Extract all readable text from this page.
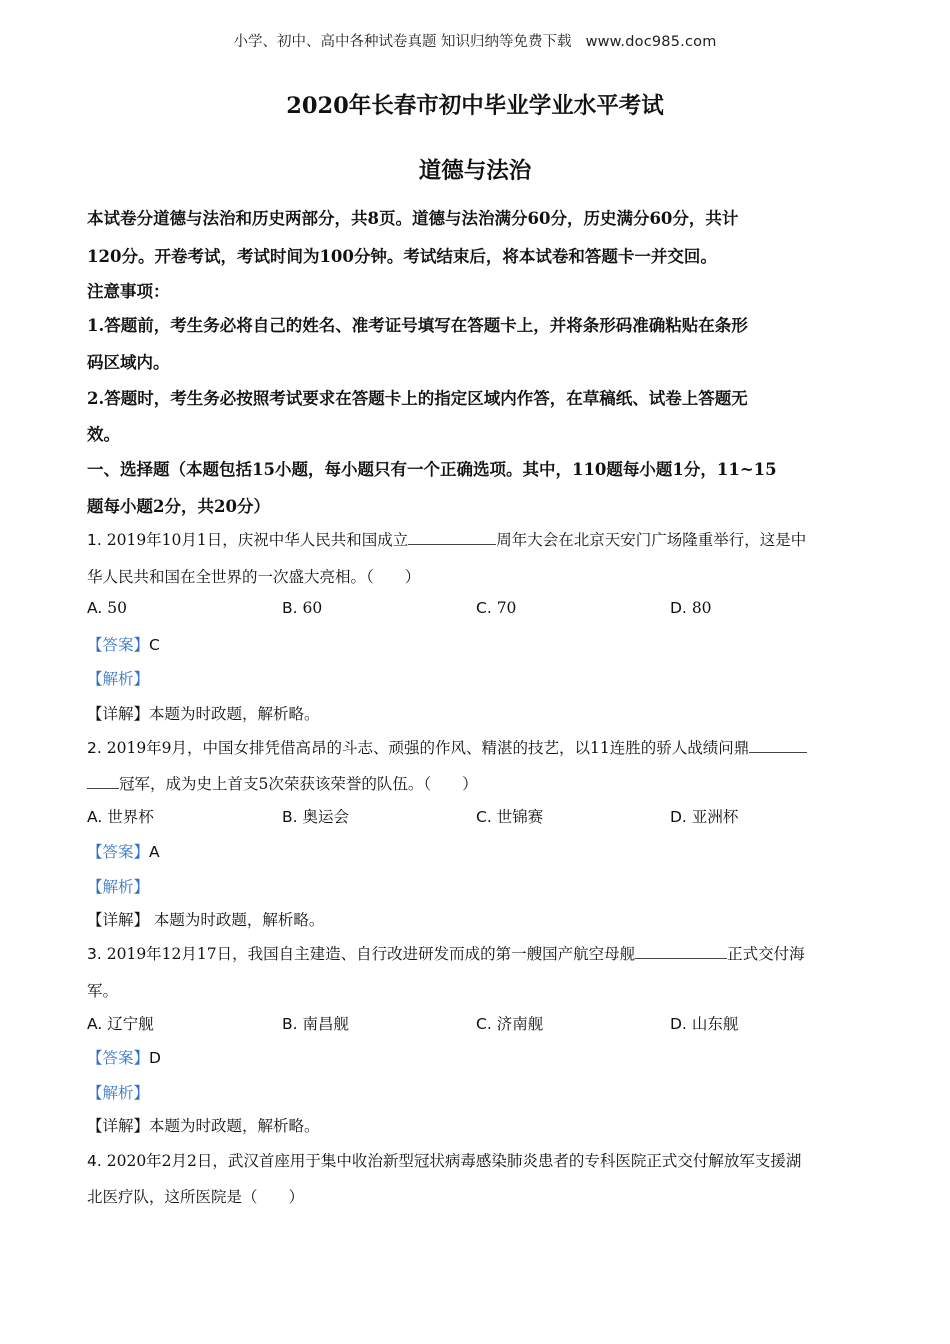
小学、初中、高中各种试卷真题 知识归纳等免费下载 www.doc985.com
2020年长春市初中毕业学业水平考试
道德与法治
本试卷分道德与法治和历史两部分，共8页。道德与法治满分60分，历史满分60分，共计
120分。开卷考试，考试时间为100分钟。考试结束后，将本试卷和答题卡一并交回。
注意事项：
1.答题前，考生务必将自己的姓名、准考证号填写在答题卡上，并将条形码准确粘贴在条形
码区域内。
2.答题时，考生务必按照考试要求在答题卡上的指定区域内作答，在草稿纸、试卷上答题无
效。
一、选择题（本题包括15小题，每小题只有一个正确选项。其中，110题每小题1分，11~15
题每小题2分，共20分）
1. 2019年10月1日，庆祝中华人民共和国成立	周年大会在北京天安门广场隆重举行，这是中
华人民共和国在全世界的一次盛大亮相。（　　）
A. 50	B. 60	C. 70	D. 80
【答案】C
【解析】
【详解】本题为时政题，解析略。
2. 2019年9月，中国女排凭借高昂的斗志、顽强的作风、精湛的技艺，以11连胜的骄人战绩问鼎
冠军，成为史上首支5次荣获该荣誉的队伍。（　　）
A. 世界杯	B. 奥运会	C. 世锦赛	D. 亚洲杯
【答案】A
【解析】
【详解】 本题为时政题，解析略。
3. 2019年12月17日，我国自主建造、自行改进研发而成的第一艘国产航空母舰	正式交付海
军。
A. 辽宁舰	B. 南昌舰	C. 济南舰	D. 山东舰
【答案】D
【解析】
【详解】本题为时政题，解析略。
4. 2020年2月2日，武汉首座用于集中收治新型冠状病毒感染肺炎患者的专科医院正式交付解放军支援湖
北医疗队，这所医院是（　　）
